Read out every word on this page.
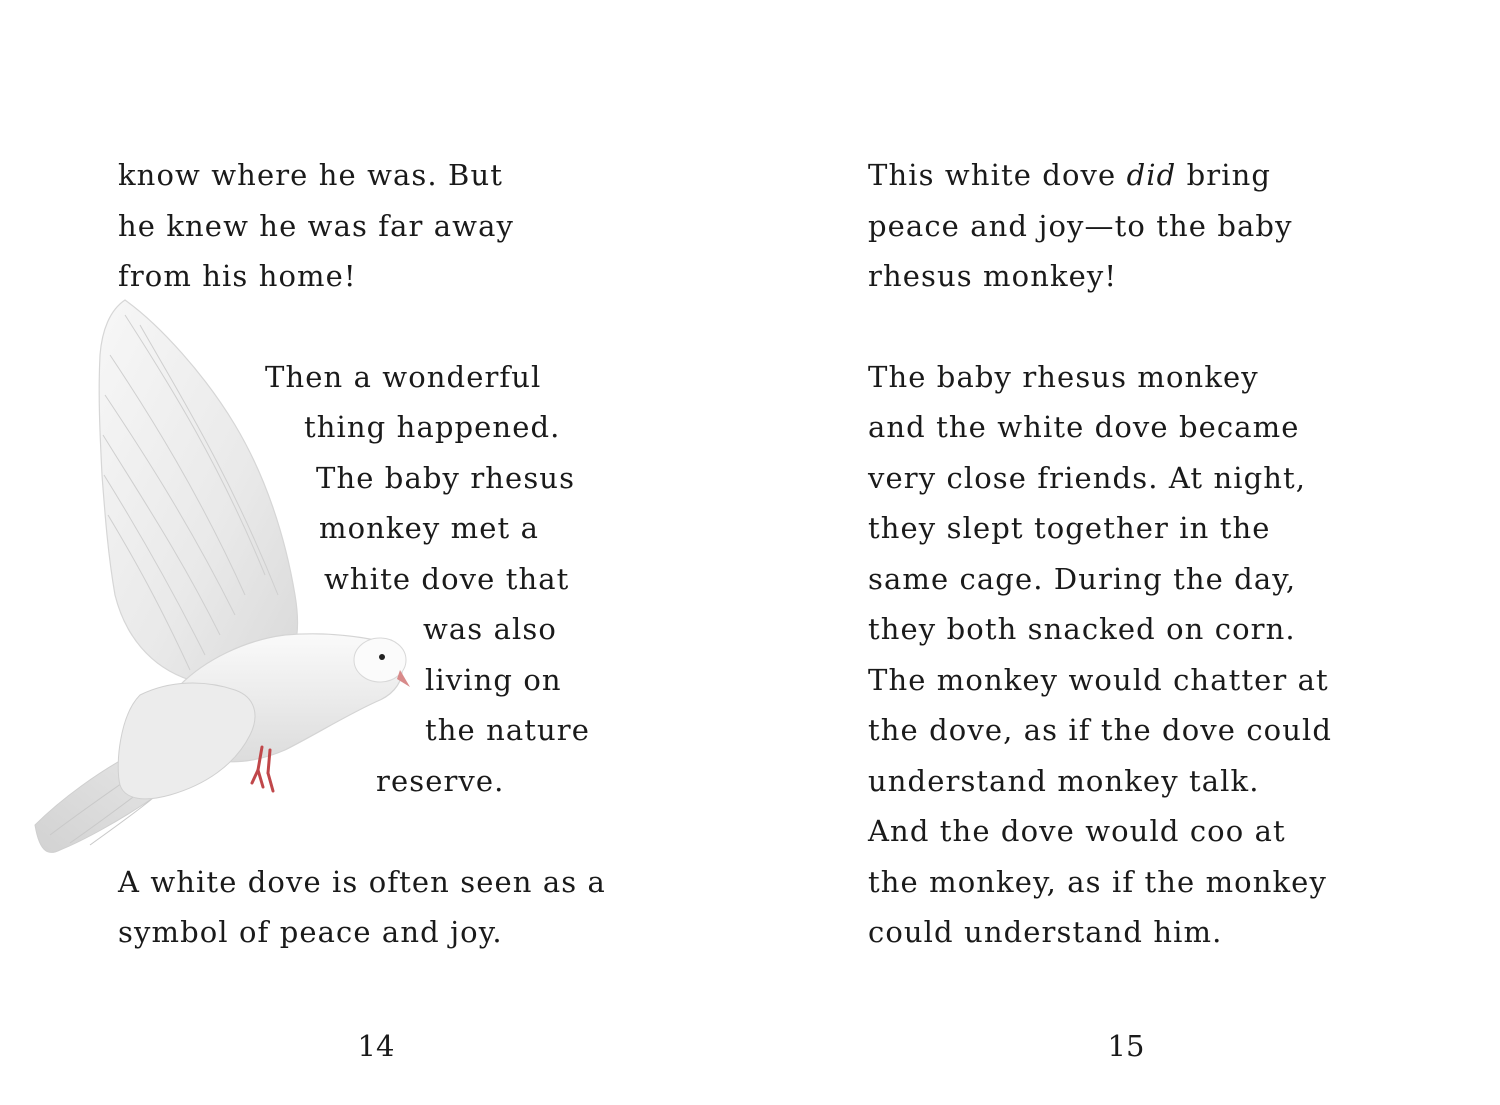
know where he was. But
he knew he was far away
from his home!
Then a wonderful
thing happened.
The baby rhesus
monkey met a
white dove that
was also
living on
the nature
reserve.
A white dove is often seen as a
symbol of peace and joy.
14
This white dove did bring
peace and joy—to the baby
rhesus monkey!
The baby rhesus monkey
and the white dove became
very close friends. At night,
they slept together in the
same cage. During the day,
they both snacked on corn.
The monkey would chatter at
the dove, as if the dove could
understand monkey talk.
And the dove would coo at
the monkey, as if the monkey
could understand him.
15
